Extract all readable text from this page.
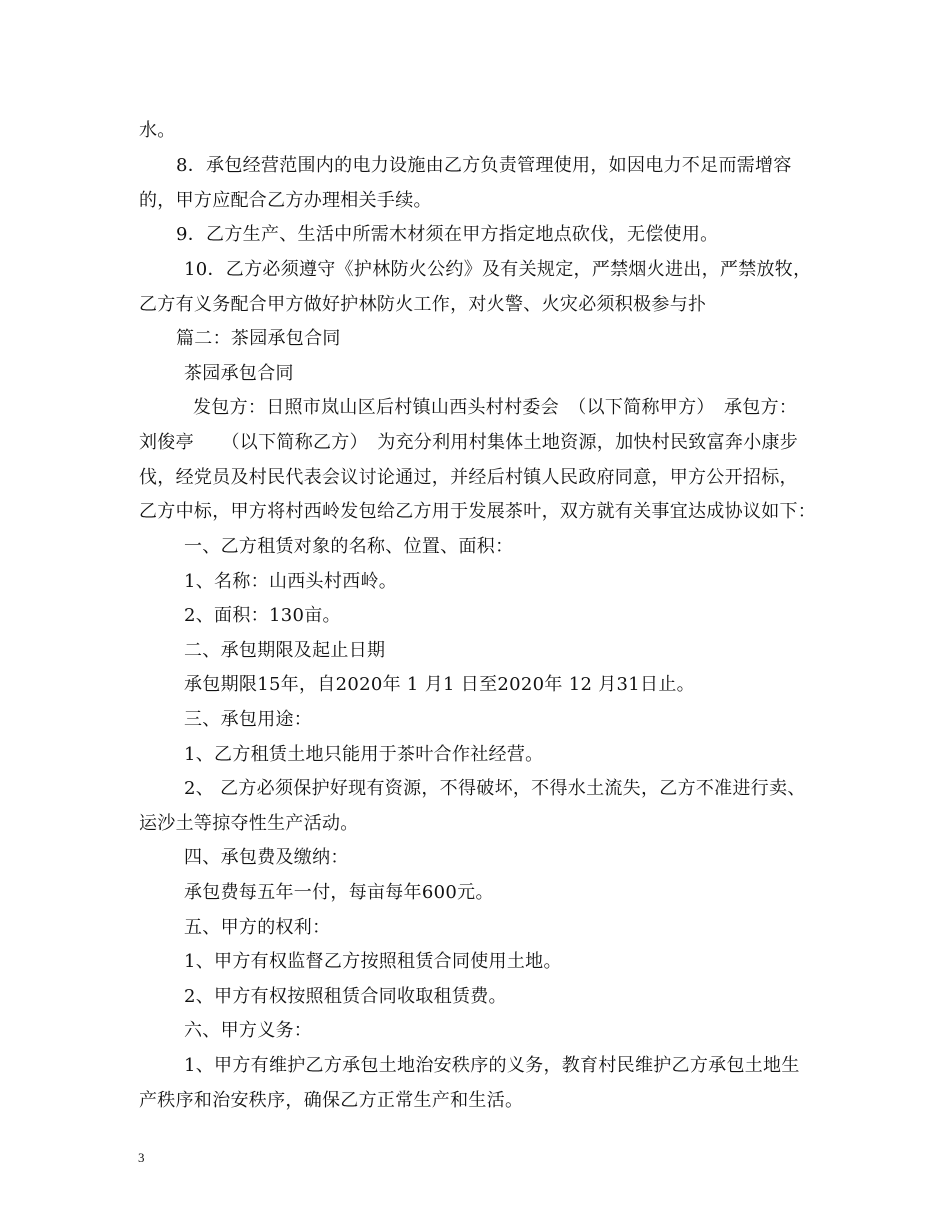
水。
8．承包经营范围内的电力设施由乙方负责管理使用，如因电力不足而需增容
的，甲方应配合乙方办理相关手续。
9．乙方生产、生活中所需木材须在甲方指定地点砍伐，无偿使用。
10．乙方必须遵守《护林防火公约》及有关规定，严禁烟火进出，严禁放牧，
乙方有义务配合甲方做好护林防火工作，对火警、火灾必须积极参与扑
篇二：茶园承包合同
茶园承包合同
发包方：日照市岚山区后村镇山西头村村委会　（以下简称甲方）　承包方：
刘俊亭　　（以下简称乙方）　为充分利用村集体土地资源，加快村民致富奔小康步
伐，经党员及村民代表会议讨论通过，并经后村镇人民政府同意，甲方公开招标，
乙方中标，甲方将村西岭发包给乙方用于发展茶叶，双方就有关事宜达成协议如下：
一、乙方租赁对象的名称、位置、面积：
1、名称：山西头村西岭。
2、面积：130亩。
二、承包期限及起止日期
承包期限15年，自2020年 1 月1 日至2020年 12 月31日止。
三、承包用途：
1、乙方租赁土地只能用于茶叶合作社经营。
2、 乙方必须保护好现有资源，不得破坏，不得水土流失，乙方不准进行卖、
运沙土等掠夺性生产活动。
四、承包费及缴纳：
承包费每五年一付，每亩每年600元。
五、甲方的权利：
1、甲方有权监督乙方按照租赁合同使用土地。
2、甲方有权按照租赁合同收取租赁费。
六、甲方义务：
1、甲方有维护乙方承包土地治安秩序的义务，教育村民维护乙方承包土地生
产秩序和治安秩序，确保乙方正常生产和生活。
3
